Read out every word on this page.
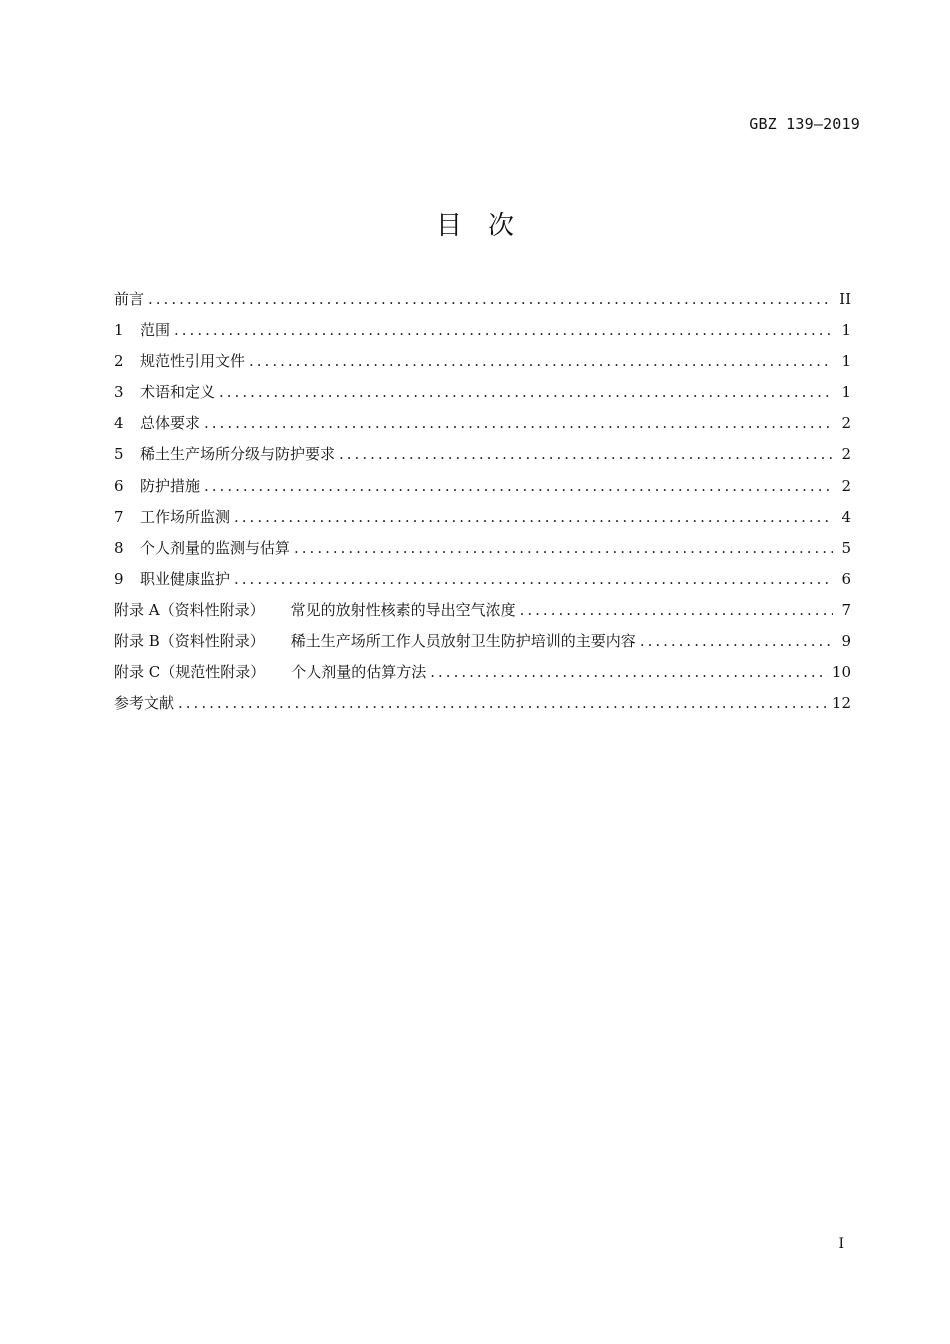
GBZ 139—2019
目次
前言 .....	II
1	范围 .....	1
2	规范性引用文件 .....	1
3	术语和定义 .....	1
4	总体要求 .....	2
5	稀土生产场所分级与防护要求 .....	2
6	防护措施 .....	2
7	工作场所监测 .....	4
8	个人剂量的监测与估算 .....	5
9	职业健康监护 .....	6
附录 A（资料性附录）	常见的放射性核素的导出空气浓度 .....	7
附录 B（资料性附录）	稀土生产场所工作人员放射卫生防护培训的主要内容 .....	9
附录 C（规范性附录）	个人剂量的估算方法 .....	10
参考文献 .....	12
I
